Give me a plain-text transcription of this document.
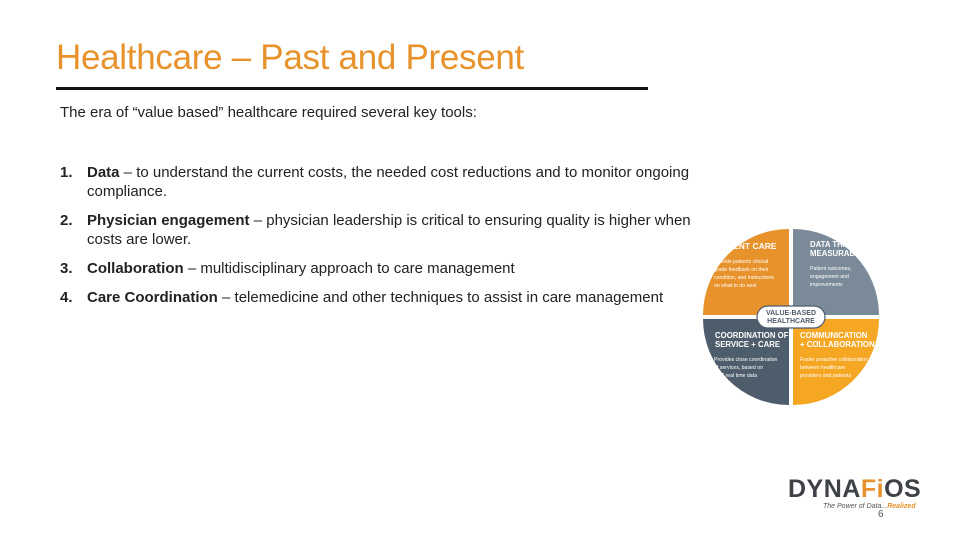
Healthcare – Past and Present
The era of “value based” healthcare required several key tools:
1. Data – to understand the current costs, the needed cost reductions and to monitor ongoing compliance.
2. Physician engagement – physician leadership is critical to ensuring quality is higher when costs are lower.
3. Collaboration – multidisciplinary approach to care management
4. Care Coordination – telemedicine and other techniques to assist in care management
PATIENT CARE
Provide patients clinical
grade feedback on their
condition, and instructions
on what to do next
DATA THAT IS
MEASURABLE
Patient outcomes,
engagement and
improvements
COORDINATION OF
SERVICE + CARE
Provides close coordination
of services, based on
24/7 real time data
COMMUNICATION
+ COLLABORATION
Foster proactive collaboration
between healthcare
providers and patients
VALUE-BASED
HEALTHCARE
DYNAFiOS
The Power of Data...Realized
6
